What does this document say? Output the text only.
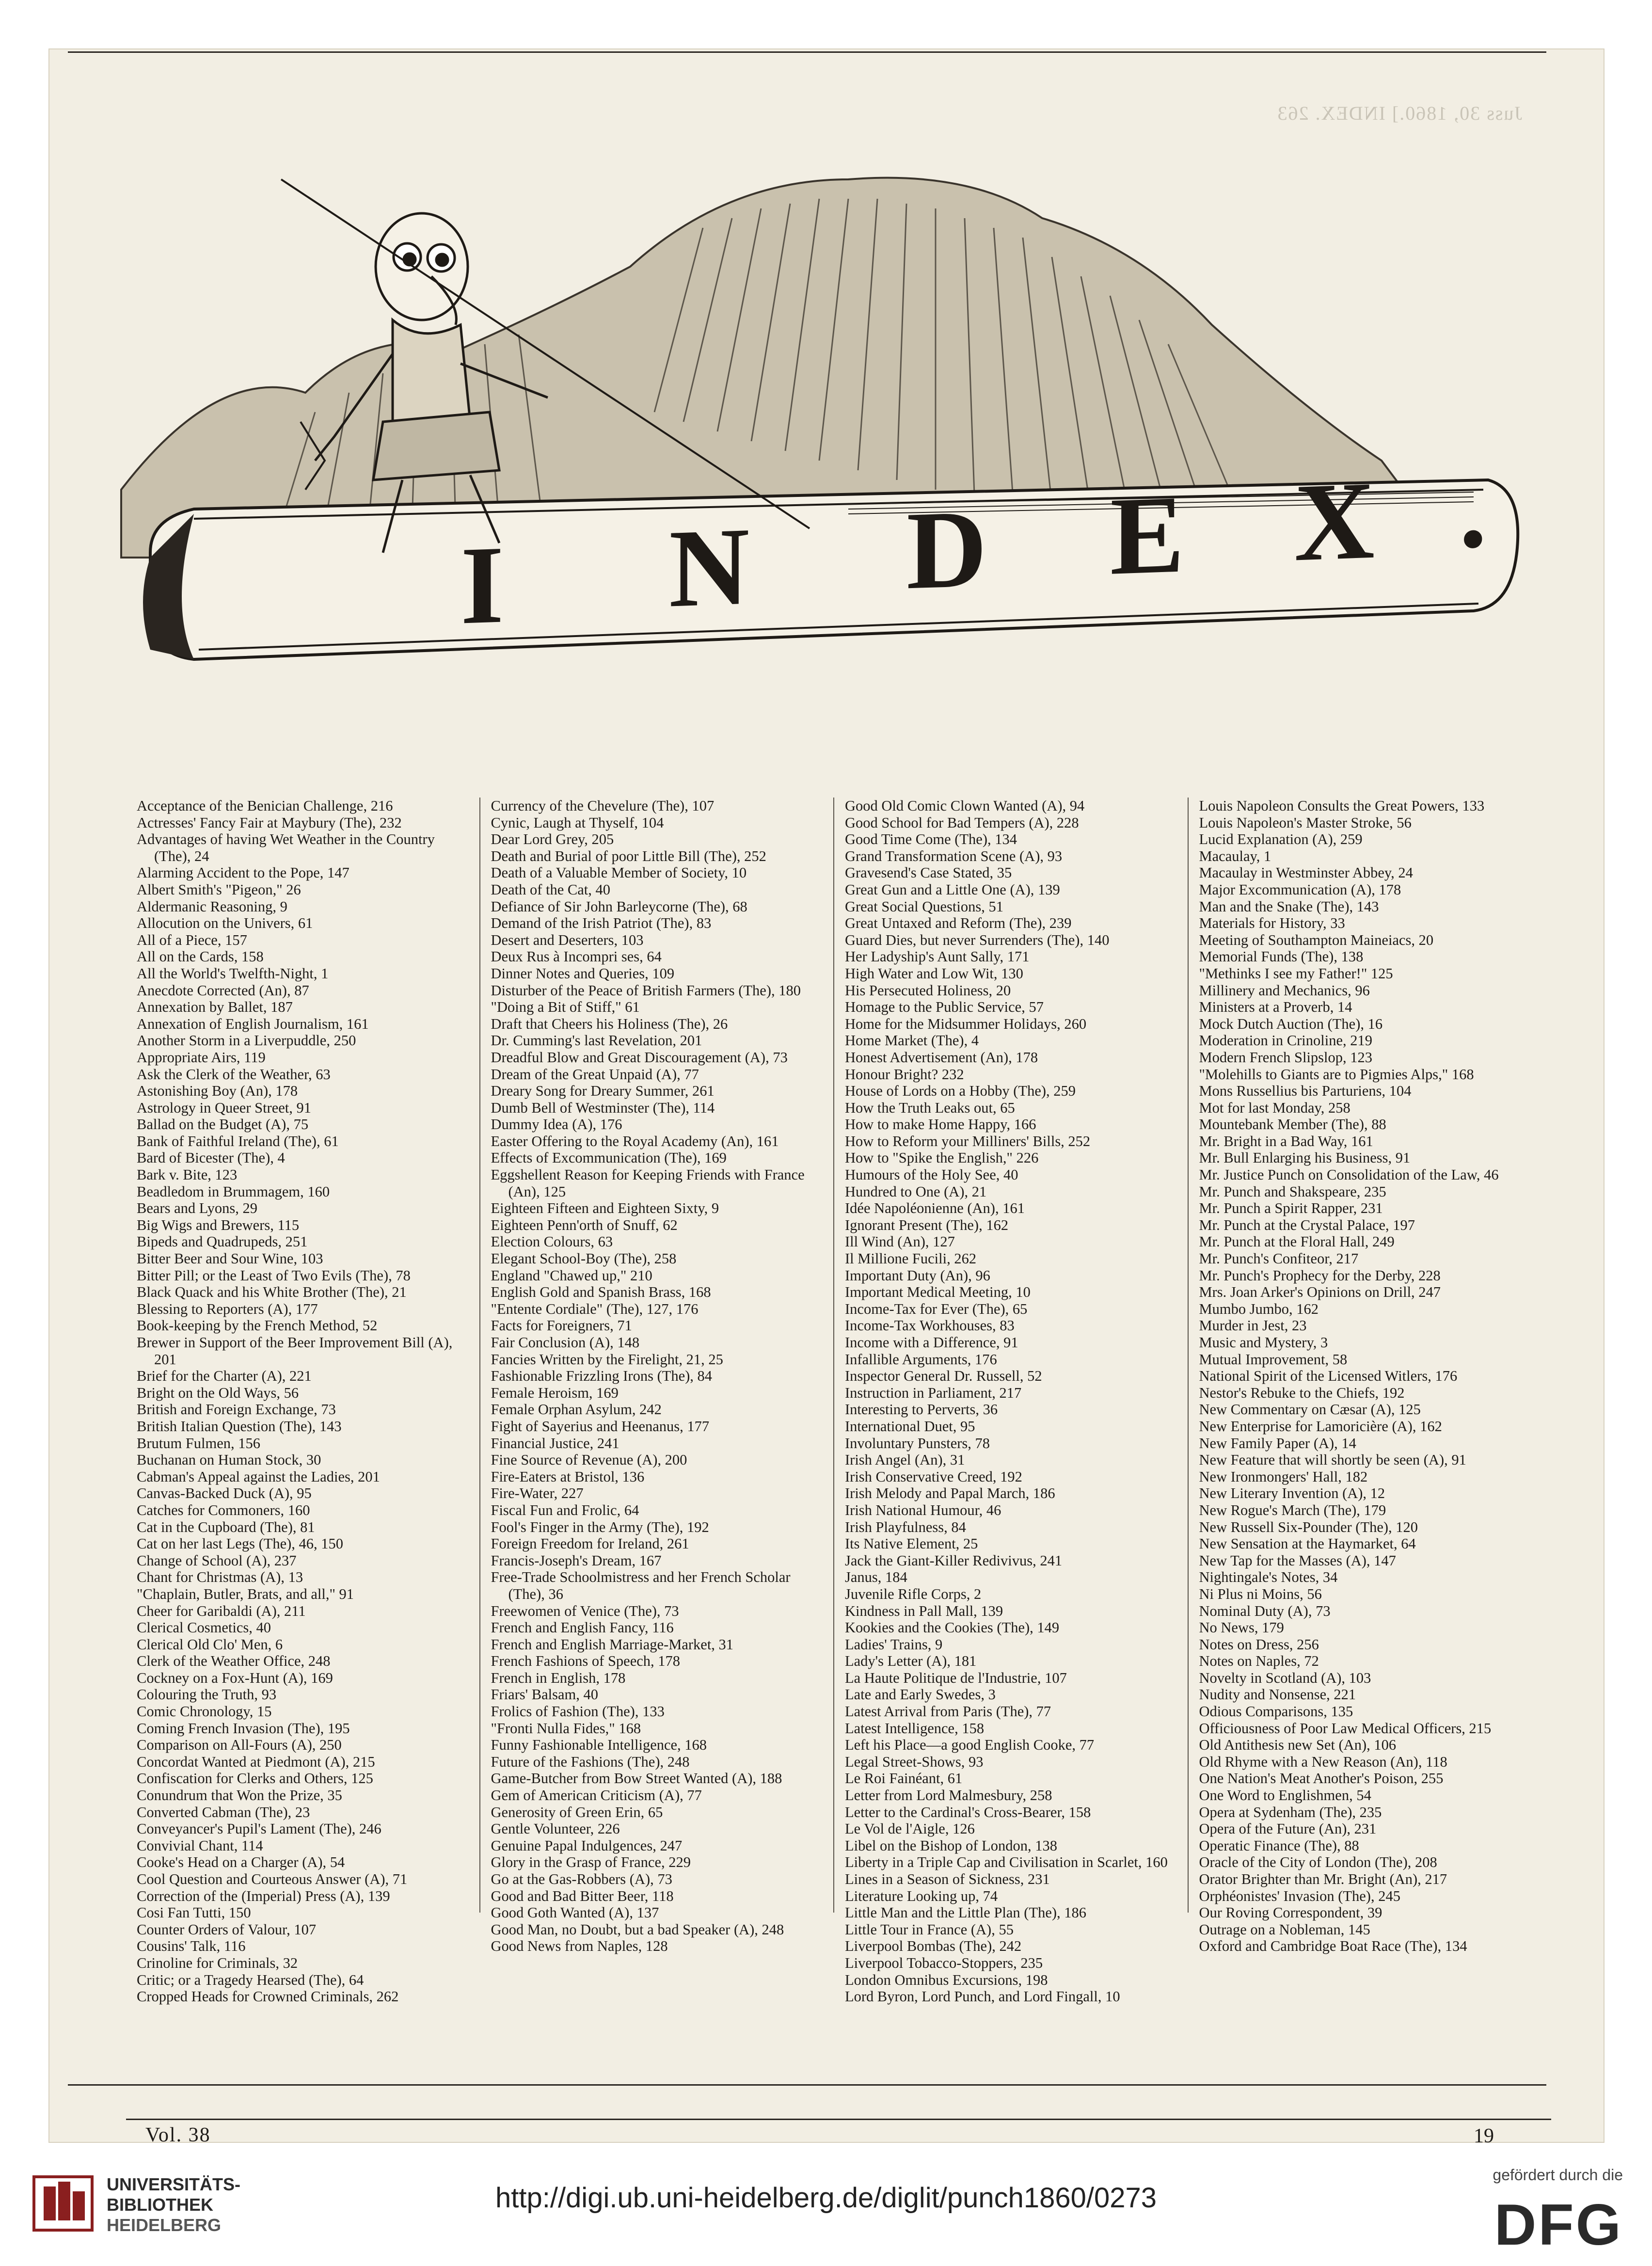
Juss 30, 1860.] INDEX. 263
I N D E X .

Acceptance of the Benician Challenge, 216

Actresses' Fancy Fair at Maybury (The), 232

Advantages of having Wet Weather in the Country (The), 24

Alarming Accident to the Pope, 147

Albert Smith's "Pigeon," 26

Aldermanic Reasoning, 9

Allocution on the Univers, 61

All of a Piece, 157

All on the Cards, 158

All the World's Twelfth-Night, 1

Anecdote Corrected (An), 87

Annexation by Ballet, 187

Annexation of English Journalism, 161

Another Storm in a Liverpuddle, 250

Appropriate Airs, 119

Ask the Clerk of the Weather, 63

Astonishing Boy (An), 178

Astrology in Queer Street, 91

Ballad on the Budget (A), 75

Bank of Faithful Ireland (The), 61

Bard of Bicester (The), 4

Bark v. Bite, 123

Beadledom in Brummagem, 160

Bears and Lyons, 29

Big Wigs and Brewers, 115

Bipeds and Quadrupeds, 251

Bitter Beer and Sour Wine, 103

Bitter Pill; or the Least of Two Evils (The), 78

Black Quack and his White Brother (The), 21

Blessing to Reporters (A), 177

Book-keeping by the French Method, 52

Brewer in Support of the Beer Improvement Bill (A), 201

Brief for the Charter (A), 221

Bright on the Old Ways, 56

British and Foreign Exchange, 73

British Italian Question (The), 143

Brutum Fulmen, 156

Buchanan on Human Stock, 30

Cabman's Appeal against the Ladies, 201

Canvas-Backed Duck (A), 95

Catches for Commoners, 160

Cat in the Cupboard (The), 81

Cat on her last Legs (The), 46, 150

Change of School (A), 237

Chant for Christmas (A), 13

"Chaplain, Butler, Brats, and all," 91

Cheer for Garibaldi (A), 211

Clerical Cosmetics, 40

Clerical Old Clo' Men, 6

Clerk of the Weather Office, 248

Cockney on a Fox-Hunt (A), 169

Colouring the Truth, 93

Comic Chronology, 15

Coming French Invasion (The), 195

Comparison on All-Fours (A), 250

Concordat Wanted at Piedmont (A), 215

Confiscation for Clerks and Others, 125

Conundrum that Won the Prize, 35

Converted Cabman (The), 23

Conveyancer's Pupil's Lament (The), 246

Convivial Chant, 114

Cooke's Head on a Charger (A), 54

Cool Question and Courteous Answer (A), 71

Correction of the (Imperial) Press (A), 139

Cosi Fan Tutti, 150

Counter Orders of Valour, 107

Cousins' Talk, 116

Crinoline for Criminals, 32

Critic; or a Tragedy Hearsed (The), 64

Cropped Heads for Crowned Criminals, 262

Currency of the Chevelure (The), 107

Cynic, Laugh at Thyself, 104

Dear Lord Grey, 205

Death and Burial of poor Little Bill (The), 252

Death of a Valuable Member of Society, 10

Death of the Cat, 40

Defiance of Sir John Barleycorne (The), 68

Demand of the Irish Patriot (The), 83

Desert and Deserters, 103

Deux Rus à Incompri ses, 64

Dinner Notes and Queries, 109

Disturber of the Peace of British Farmers (The), 180

"Doing a Bit of Stiff," 61

Draft that Cheers his Holiness (The), 26

Dr. Cumming's last Revelation, 201

Dreadful Blow and Great Discouragement (A), 73

Dream of the Great Unpaid (A), 77

Dreary Song for Dreary Summer, 261

Dumb Bell of Westminster (The), 114

Dummy Idea (A), 176

Easter Offering to the Royal Academy (An), 161

Effects of Excommunication (The), 169

Eggshellent Reason for Keeping Friends with France (An), 125

Eighteen Fifteen and Eighteen Sixty, 9

Eighteen Penn'orth of Snuff, 62

Election Colours, 63

Elegant School-Boy (The), 258

England "Chawed up," 210

English Gold and Spanish Brass, 168

"Entente Cordiale" (The), 127, 176

Facts for Foreigners, 71

Fair Conclusion (A), 148

Fancies Written by the Firelight, 21, 25

Fashionable Frizzling Irons (The), 84

Female Heroism, 169

Female Orphan Asylum, 242

Fight of Sayerius and Heenanus, 177

Financial Justice, 241

Fine Source of Revenue (A), 200

Fire-Eaters at Bristol, 136

Fire-Water, 227

Fiscal Fun and Frolic, 64

Fool's Finger in the Army (The), 192

Foreign Freedom for Ireland, 261

Francis-Joseph's Dream, 167

Free-Trade Schoolmistress and her French Scholar (The), 36

Freewomen of Venice (The), 73

French and English Fancy, 116

French and English Marriage-Market, 31

French Fashions of Speech, 178

French in English, 178

Friars' Balsam, 40

Frolics of Fashion (The), 133

"Fronti Nulla Fides," 168

Funny Fashionable Intelligence, 168

Future of the Fashions (The), 248

Game-Butcher from Bow Street Wanted (A), 188

Gem of American Criticism (A), 77

Generosity of Green Erin, 65

Gentle Volunteer, 226

Genuine Papal Indulgences, 247

Glory in the Grasp of France, 229

Go at the Gas-Robbers (A), 73

Good and Bad Bitter Beer, 118

Good Goth Wanted (A), 137

Good Man, no Doubt, but a bad Speaker (A), 248

Good News from Naples, 128

Good Old Comic Clown Wanted (A), 94

Good School for Bad Tempers (A), 228

Good Time Come (The), 134

Grand Transformation Scene (A), 93

Gravesend's Case Stated, 35

Great Gun and a Little One (A), 139

Great Social Questions, 51

Great Untaxed and Reform (The), 239

Guard Dies, but never Surrenders (The), 140

Her Ladyship's Aunt Sally, 171

High Water and Low Wit, 130

His Persecuted Holiness, 20

Homage to the Public Service, 57

Home for the Midsummer Holidays, 260

Home Market (The), 4

Honest Advertisement (An), 178

Honour Bright? 232

House of Lords on a Hobby (The), 259

How the Truth Leaks out, 65

How to make Home Happy, 166

How to Reform your Milliners' Bills, 252

How to "Spike the English," 226

Humours of the Holy See, 40

Hundred to One (A), 21

Idée Napoléonienne (An), 161

Ignorant Present (The), 162

Ill Wind (An), 127

Il Millione Fucili, 262

Important Duty (An), 96

Important Medical Meeting, 10

Income-Tax for Ever (The), 65

Income-Tax Workhouses, 83

Income with a Difference, 91

Infallible Arguments, 176

Inspector General Dr. Russell, 52

Instruction in Parliament, 217

Interesting to Perverts, 36

International Duet, 95

Involuntary Punsters, 78

Irish Angel (An), 31

Irish Conservative Creed, 192

Irish Melody and Papal March, 186

Irish National Humour, 46

Irish Playfulness, 84

Its Native Element, 25

Jack the Giant-Killer Redivivus, 241

Janus, 184

Juvenile Rifle Corps, 2

Kindness in Pall Mall, 139

Kookies and the Cookies (The), 149

Ladies' Trains, 9

Lady's Letter (A), 181

La Haute Politique de l'Industrie, 107

Late and Early Swedes, 3

Latest Arrival from Paris (The), 77

Latest Intelligence, 158

Left his Place—a good English Cooke, 77

Legal Street-Shows, 93

Le Roi Fainéant, 61

Letter from Lord Malmesbury, 258

Letter to the Cardinal's Cross-Bearer, 158

Le Vol de l'Aigle, 126

Libel on the Bishop of London, 138

Liberty in a Triple Cap and Civilisation in Scarlet, 160

Lines in a Season of Sickness, 231

Literature Looking up, 74

Little Man and the Little Plan (The), 186

Little Tour in France (A), 55

Liverpool Bombas (The), 242

Liverpool Tobacco-Stoppers, 235

London Omnibus Excursions, 198

Lord Byron, Lord Punch, and Lord Fingall, 10

Louis Napoleon Consults the Great Powers, 133

Louis Napoleon's Master Stroke, 56

Lucid Explanation (A), 259

Macaulay, 1

Macaulay in Westminster Abbey, 24

Major Excommunication (A), 178

Man and the Snake (The), 143

Materials for History, 33

Meeting of Southampton Maineiacs, 20

Memorial Funds (The), 138

"Methinks I see my Father!" 125

Millinery and Mechanics, 96

Ministers at a Proverb, 14

Mock Dutch Auction (The), 16

Moderation in Crinoline, 219

Modern French Slipslop, 123

"Molehills to Giants are to Pigmies Alps," 168

Mons Russellius bis Parturiens, 104

Mot for last Monday, 258

Mountebank Member (The), 88

Mr. Bright in a Bad Way, 161

Mr. Bull Enlarging his Business, 91

Mr. Justice Punch on Consolidation of the Law, 46

Mr. Punch and Shakspeare, 235

Mr. Punch a Spirit Rapper, 231

Mr. Punch at the Crystal Palace, 197

Mr. Punch at the Floral Hall, 249

Mr. Punch's Confiteor, 217

Mr. Punch's Prophecy for the Derby, 228

Mrs. Joan Arker's Opinions on Drill, 247

Mumbo Jumbo, 162

Murder in Jest, 23

Music and Mystery, 3

Mutual Improvement, 58

National Spirit of the Licensed Witlers, 176

Nestor's Rebuke to the Chiefs, 192

New Commentary on Cæsar (A), 125

New Enterprise for Lamoricière (A), 162

New Family Paper (A), 14

New Feature that will shortly be seen (A), 91

New Ironmongers' Hall, 182

New Literary Invention (A), 12

New Rogue's March (The), 179

New Russell Six-Pounder (The), 120

New Sensation at the Haymarket, 64

New Tap for the Masses (A), 147

Nightingale's Notes, 34

Ni Plus ni Moins, 56

Nominal Duty (A), 73

No News, 179

Notes on Dress, 256

Notes on Naples, 72

Novelty in Scotland (A), 103

Nudity and Nonsense, 221

Odious Comparisons, 135

Officiousness of Poor Law Medical Officers, 215

Old Antithesis new Set (An), 106

Old Rhyme with a New Reason (An), 118

One Nation's Meat Another's Poison, 255

One Word to Englishmen, 54

Opera at Sydenham (The), 235

Opera of the Future (An), 231

Operatic Finance (The), 88

Oracle of the City of London (The), 208

Orator Brighter than Mr. Bright (An), 217

Orphéonistes' Invasion (The), 245

Our Roving Correspondent, 39

Outrage on a Nobleman, 145

Oxford and Cambridge Boat Race (The), 134

Vol. 38	19
UNIVERSITÄTS-
BIBLIOTHEK
HEIDELBERG
http://digi.ub.uni-heidelberg.de/diglit/punch1860/0273
gefördert durch die
DFG
